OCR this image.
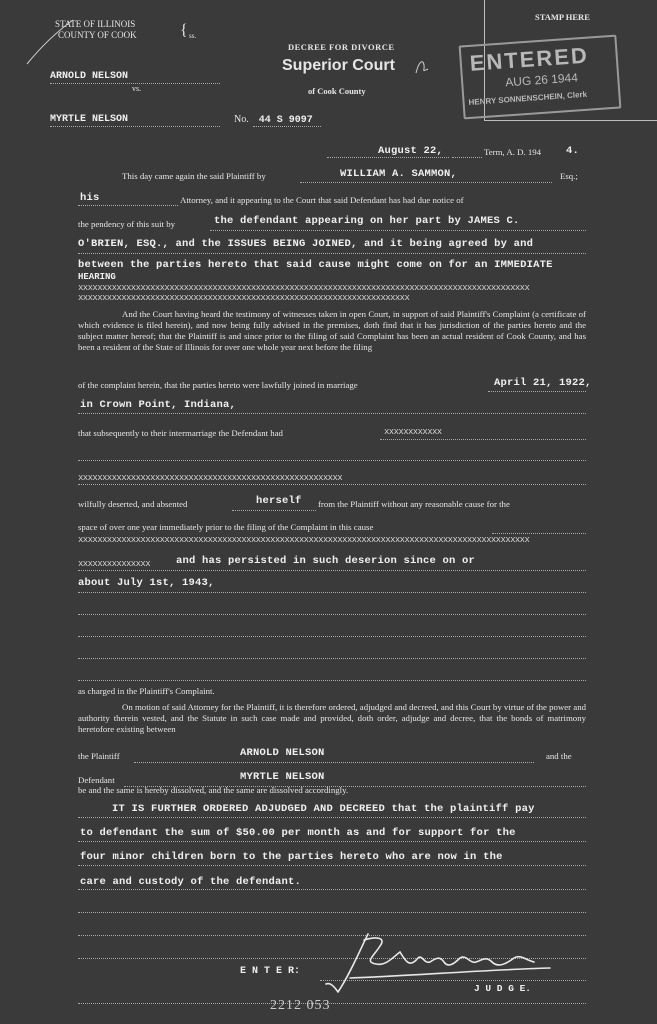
STAMP HERE
ENTERED
AUG 26 1944
HENRY SONNENSCHEIN, Clerk
STATE OF ILLINOIS
COUNTY OF COOK	{ ss.
DECREE FOR DIVORCE
Superior Court
of Cook County
ARNOLD NELSON
vs.
MYRTLE NELSON	No. 44 S 9097
August 22,	Term, A. D. 194 4.
This day came again the said Plaintiff by	WILLIAM A. SAMMON,	Esq.;
his	Attorney, and it appearing to the Court that said Defendant has had due notice of
the pendency of this suit by	the defendant appearing on her part by JAMES C.
O'BRIEN, ESQ., and the ISSUES BEING JOINED, and it being agreed by and
between the parties hereto that said cause might come on for an IMMEDIATE
HEARING
xxxxxxxxxxxxxxxxxxxxxxxxxxxxxxxxxxxxxxxxxxxxxxxxxxxxxxxxxxxxxxxxxxxxxxxxxxxxxxxxxxxxxxxxxxxxxx
xxxxxxxxxxxxxxxxxxxxxxxxxxxxxxxxxxxxxxxxxxxxxxxxxxxxxxxxxxxxxxxxxxxxx
And the Court having heard the testimony of witnesses taken in open Court, in support of said Plaintiff's Complaint (a certificate of which evidence is filed herein), and now being fully advised in the premises, doth find that it has jurisdiction of the parties hereto and the subject matter hereof; that the Plaintiff is and since prior to the filing of said Complaint has been an actual resident of Cook County, and has been a resident of the State of Illinois for over one whole year next before the filing
of the complaint herein, that the parties hereto were lawfully joined in marriage	April 21, 1922,
in Crown Point, Indiana,
that subsequently to their intermarriage the Defendant had	xxxxxxxxxxxx
xxxxxxxxxxxxxxxxxxxxxxxxxxxxxxxxxxxxxxxxxxxxxxxxxxxxxxx
wilfully deserted, and absented	herself from the Plaintiff without any reasonable cause for the
space of over one year immediately prior to the filing of the Complaint in this cause
xxxxxxxxxxxxxxxxxxxxxxxxxxxxxxxxxxxxxxxxxxxxxxxxxxxxxxxxxxxxxxxxxxxxxxxxxxxxxxxxxxxxxxxxxxxxxx
xxxxxxxxxxxxxxx and has persisted in such deserion since on or
about July 1st, 1943,
as charged in the Plaintiff's Complaint.
On motion of said Attorney for the Plaintiff, it is therefore ordered, adjudged and decreed, and this Court by virtue of the power and authority therein vested, and the Statute in such case made and provided, doth order, adjudge and decree, that the bonds of matrimony heretofore existing between
the Plaintiff	ARNOLD NELSON	and the
Defendant	MYRTLE NELSON
be and the same is hereby dissolved, and the same are dissolved accordingly.
IT IS FURTHER ORDERED ADJUDGED AND DECREED that the plaintiff pay
to defendant the sum of $50.00 per month as and for support for the
four minor children born to the parties hereto who are now in the
care and custody of the defendant.
E N T E R:
J U D G E.
2212 053
